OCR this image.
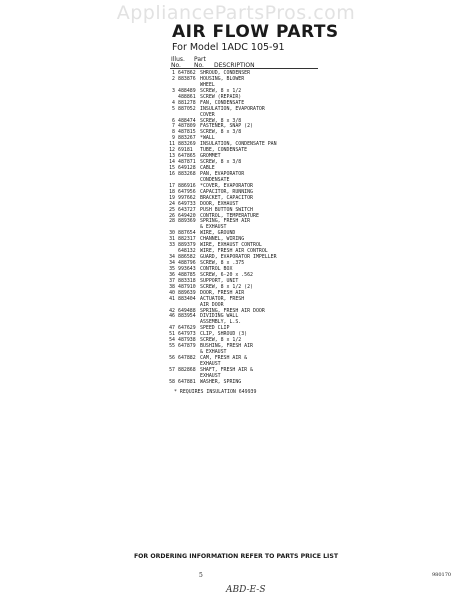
AppliancePartsPros.com
AIR FLOW PARTS
For Model 1ADC 105-91
Illus. Part
No. No. DESCRIPTION
1 647862 SHROUD, CONDENSER
2 883876 HOUSING, BLOWER
WHEEL
3 488489 SCREW, 8 x 1/2
488861 SCREW (REPAIR)
4 881278 FAN, CONDENSATE
5 887052 INSULATION, EVAPORATOR
COVER
6 488474 SCREW, 8 x 3/8
7 487809 FASTENER, SNAP (2)
8 487815 SCREW, 8 x 3/8
9 883267 *WALL
11 883269 INSULATION, CONDENSATE PAN
12 69181	TUBE, CONDENSATE
13 647865 GROMMET
14 487871 SCREW, 8 x 3/8
15 649128 CABLE
16 883268 PAN, EVAPORATOR
CONDENSATE
17 886916 *COVER, EVAPORATOR
18 647956 CAPACITOR, RUNNING
19 997662 BRACKET, CAPACITOR
24 649733 DOOR, EXHAUST
25 643727 PUSH BUTTON SWITCH
26 649420 CONTROL, TEMPERATURE
28 889369 SPRING, FRESH AIR
& EXHAUST
30 887654 WIRE, GROUND
31 882317 CHANNEL, WIRING
33 889379 WIRE, EXHAUST CONTROL
648132 WIRE, FRESH AIR CONTROL
34 886582 GUARD, EVAPORATOR IMPELLER
34 488796 SCREW, 8 x .375
35 993643 CONTROL BOX
36 488785 SCREW, 6-20 x .562
37 883318 SUPPORT, UNIT
38 487910 SCREW, 8 x 1/2 (2)
40 889639 DOOR, FRESH AIR
41 883404 ACTUATOR, FRESH
AIR DOOR
42 649488 SPRING, FRESH AIR DOOR
46 883954 DIVIDING WALL
ASSEMBLY, L.S.
47 647629 SPEED CLIP
51 647973 CLIP, SHROUD (3)
54 487938 SCREW, 8 x 1/2
55 647879 BUSHING, FRESH AIR
& EXHAUST
56 647882 CAM, FRESH AIR &
EXHAUST
57 882868 SHAFT, FRESH AIR &
EXHAUST
58 647881 WASHER, SPRING
* REQUIRES INSULATION 649939
FOR ORDERING INFORMATION REFER TO PARTS PRICE LIST
5	980170
ABD-E-S
